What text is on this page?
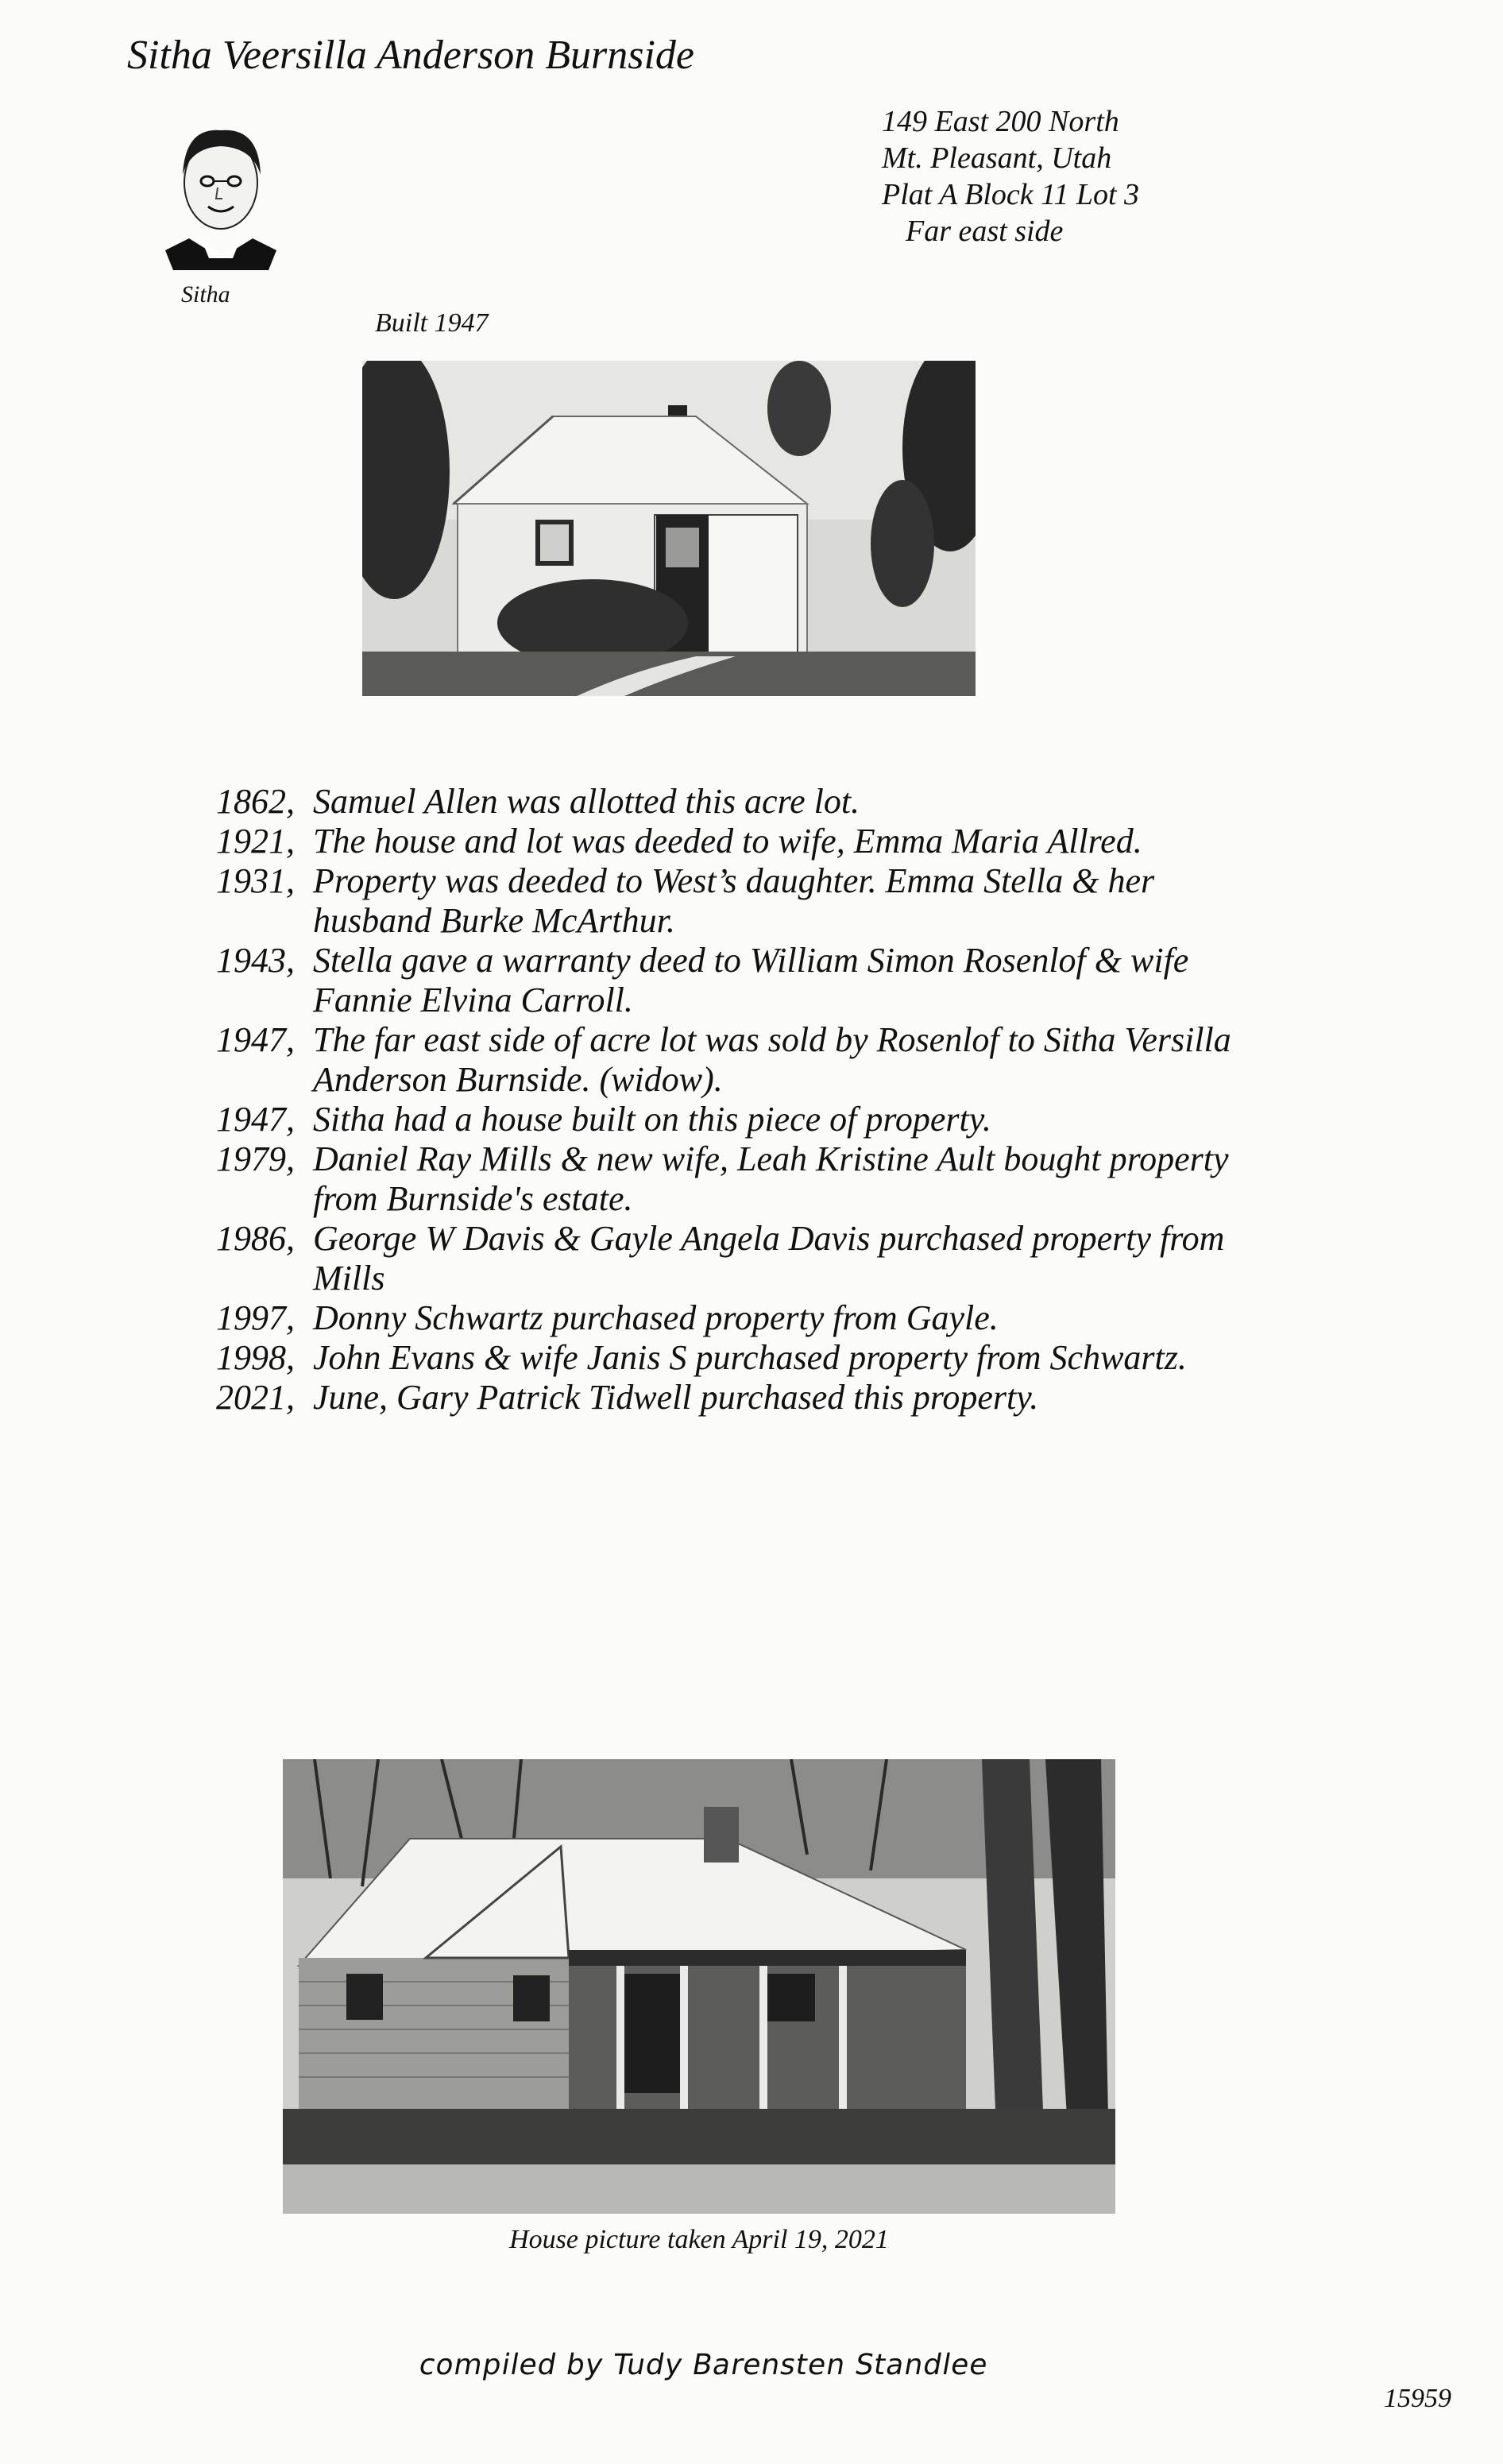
Sitha Veersilla Anderson Burnside
149 East 200 North
Mt. Pleasant, Utah
Plat A Block 11 Lot 3
Far east side
Sitha
Built 1947
1862, Samuel Allen was allotted this acre lot.
1921, The house and lot was deeded to wife, Emma Maria Allred.
1931, Property was deeded to West’s daughter. Emma Stella & her husband Burke McArthur.
1943, Stella gave a warranty deed to William Simon Rosenlof & wife Fannie Elvina Carroll.
1947, The far east side of acre lot was sold by Rosenlof to Sitha Versilla Anderson Burnside. (widow).
1947, Sitha had a house built on this piece of property.
1979, Daniel Ray Mills & new wife, Leah Kristine Ault bought property from Burnside's estate.
1986, George W Davis & Gayle Angela Davis purchased property from Mills
1997, Donny Schwartz purchased property from Gayle.
1998, John Evans & wife Janis S purchased property from Schwartz.
2021, June, Gary Patrick Tidwell purchased this property.
House picture taken April 19, 2021
compiled by Tudy Barensten Standlee
15959
